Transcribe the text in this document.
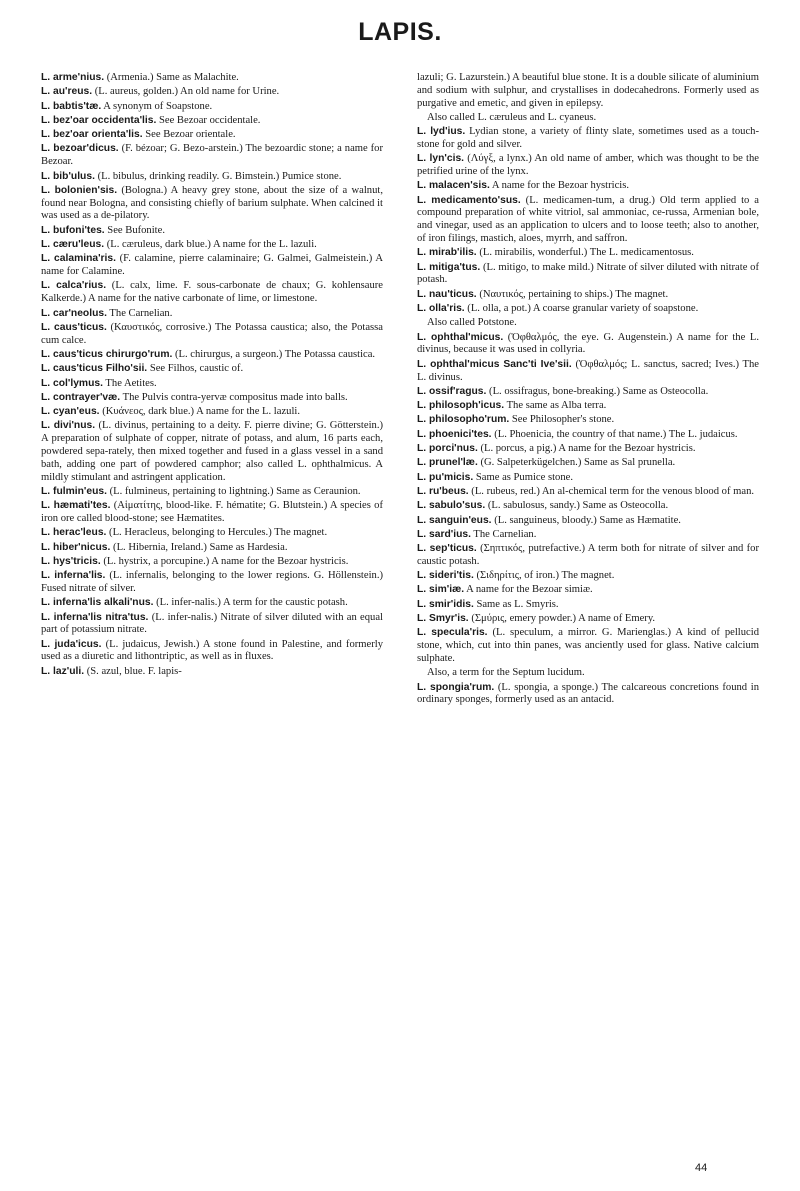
LAPIS.

L. arme'nius. (Armenia.) Same as Malachite.

L. au'reus. (L. aureus, golden.) An old name for Urine.

L. babtis'tæ. A synonym of Soapstone.

L. bez'oar occidenta'lis. See Bezoar occidentale.

L. bez'oar orienta'lis. See Bezoar orientale.

L. bezoar'dicus. (F. bézoar; G. Bezo-arstein.) The bezoardic stone; a name for Bezoar.

L. bib'ulus. (L. bibulus, drinking readily. G. Bimstein.) Pumice stone.

L. bolonien'sis. (Bologna.) A heavy grey stone, about the size of a walnut, found near Bologna, and consisting chiefly of barium sulphate. When calcined it was used as a de-pilatory.

L. bufoni'tes. See Bufonite.

L. cæru'leus. (L. cæruleus, dark blue.) A name for the L. lazuli.

L. calamina'ris. (F. calamine, pierre calaminaire; G. Galmei, Galmeistein.) A name for Calamine.

L. calca'rius. (L. calx, lime. F. sous-carbonate de chaux; G. kohlensaure Kalkerde.) A name for the native carbonate of lime, or limestone.

L. car'neolus. The Carnelian.

L. caus'ticus. (Καυστικός, corrosive.) The Potassa caustica; also, the Potassa cum calce.

L. caus'ticus chirurgo'rum. (L. chirurgus, a surgeon.) The Potassa caustica.

L. caus'ticus Filho'sii. See Filhos, caustic of.

L. col'lymus. The Aetites.

L. contrayer'væ. The Pulvis contra-yervæ compositus made into balls.

L. cyan'eus. (Κυάνεος, dark blue.) A name for the L. lazuli.

L. divi'nus. (L. divinus, pertaining to a deity. F. pierre divine; G. Götterstein.) A preparation of sulphate of copper, nitrate of potass, and alum, 16 parts each, powdered sepa-rately, then mixed together and fused in a glass vessel in a sand bath, adding one part of powdered camphor; also called L. ophthalmicus. A mildly stimulant and astringent application.

L. fulmin'eus. (L. fulmineus, pertaining to lightning.) Same as Ceraunion.

L. hæmati'tes. (Αἱματίτης, blood-like. F. hématite; G. Blutstein.) A species of iron ore called blood-stone; see Hæmatites.

L. herac'leus. (L. Heracleus, belonging to Hercules.) The magnet.

L. hiber'nicus. (L. Hibernia, Ireland.) Same as Hardesia.

L. hys'tricis. (L. hystrix, a porcupine.) A name for the Bezoar hystricis.

L. inferna'lis. (L. infernalis, belonging to the lower regions. G. Höllenstein.) Fused nitrate of silver.

L. inferna'lis alkali'nus. (L. infer-nalis.) A term for the caustic potash.

L. inferna'lis nitra'tus. (L. infer-nalis.) Nitrate of silver diluted with an equal part of potassium nitrate.

L. juda'icus. (L. judaicus, Jewish.) A stone found in Palestine, and formerly used as a diuretic and lithontriptic, as well as in fluxes.

L. laz'uli. (S. azul, blue. F. lapis-

lazuli; G. Lazurstein.) A beautiful blue stone. It is a double silicate of aluminium and sodium with sulphur, and crystallises in dodecahedrons. Formerly used as purgative and emetic, and given in epilepsy.

Also called L. cæruleus and L. cyaneus.

L. lyd'ius. Lydian stone, a variety of flinty slate, sometimes used as a touch-stone for gold and silver.

L. lyn'cis. (Λύγξ, a lynx.) An old name of amber, which was thought to be the petrified urine of the lynx.

L. malacen'sis. A name for the Bezoar hystricis.

L. medicamento'sus. (L. medicamen-tum, a drug.) Old term applied to a compound preparation of white vitriol, sal ammoniac, ce-russa, Armenian bole, and vinegar, used as an application to ulcers and to loose teeth; also to another, of iron filings, mastich, aloes, myrrh, and saffron.

L. mirab'ilis. (L. mirabilis, wonderful.) The L. medicamentosus.

L. mitiga'tus. (L. mitigo, to make mild.) Nitrate of silver diluted with nitrate of potash.

L. nau'ticus. (Ναυτικός, pertaining to ships.) The magnet.

L. olla'ris. (L. olla, a pot.) A coarse granular variety of soapstone.

Also called Potstone.

L. ophthal'micus. (Ὀφθαλμός, the eye. G. Augenstein.) A name for the L. divinus, because it was used in collyria.

L. ophthal'micus Sanc'ti Ive'sii. (Ὀφθαλμός; L. sanctus, sacred; Ives.) The L. divinus.

L. ossif'ragus. (L. ossifragus, bone-breaking.) Same as Osteocolla.

L. philosoph'icus. The same as Alba terra.

L. philosopho'rum. See Philosopher's stone.

L. phoenici'tes. (L. Phoenicia, the country of that name.) The L. judaicus.

L. porci'nus. (L. porcus, a pig.) A name for the Bezoar hystricis.

L. prunel'læ. (G. Salpeterkügelchen.) Same as Sal prunella.

L. pu'micis. Same as Pumice stone.

L. ru'beus. (L. rubeus, red.) An al-chemical term for the venous blood of man.

L. sabulo'sus. (L. sabulosus, sandy.) Same as Osteocolla.

L. sanguin'eus. (L. sanguineus, bloody.) Same as Hæmatite.

L. sard'ius. The Carnelian.

L. sep'ticus. (Σηπτικός, putrefactive.) A term both for nitrate of silver and for caustic potash.

L. sideri'tis. (Σιδηρίτις, of iron.) The magnet.

L. sim'iæ. A name for the Bezoar simiæ.

L. smir'idis. Same as L. Smyris.

L. Smyr'is. (Σμύρις, emery powder.) A name of Emery.

L. specula'ris. (L. speculum, a mirror. G. Marienglas.) A kind of pellucid stone, which, cut into thin panes, was anciently used for glass. Native calcium sulphate.

Also, a term for the Septum lucidum.

L. spongia'rum. (L. spongia, a sponge.) The calcareous concretions found in ordinary sponges, formerly used as an antacid.

44
